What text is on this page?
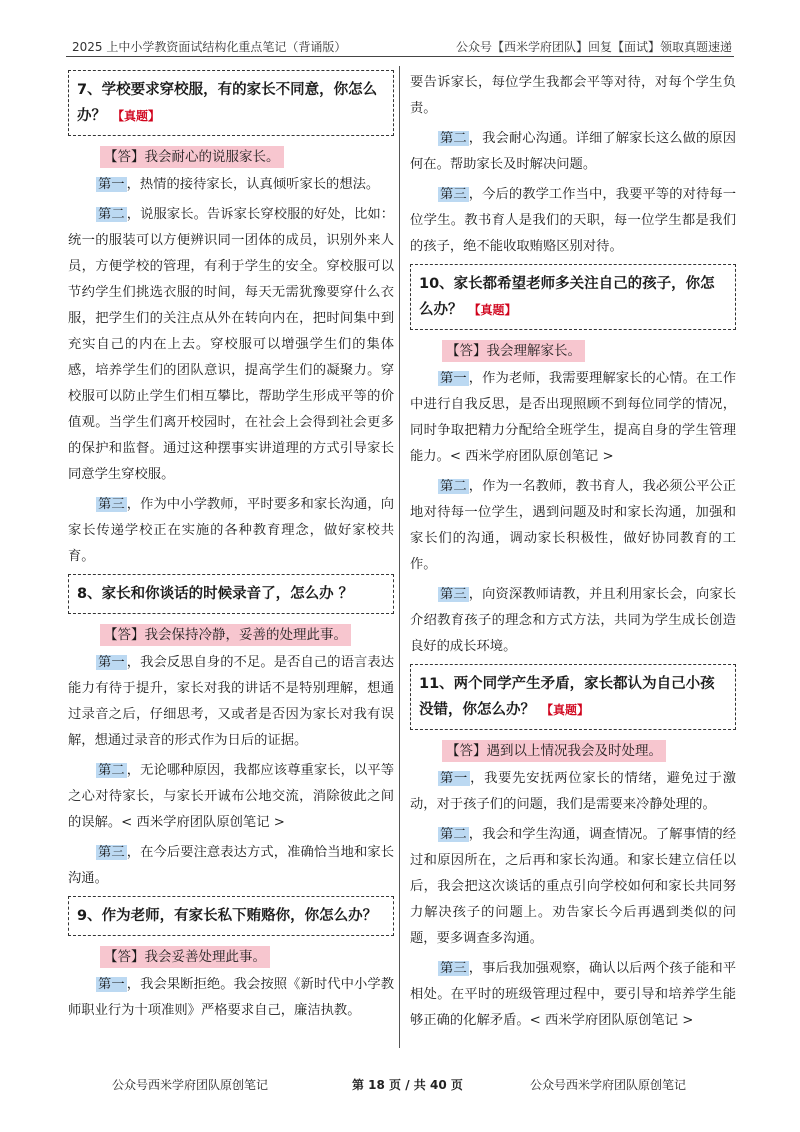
2025 上中小学教资面试结构化重点笔记（背诵版）	公众号【西米学府团队】回复【面试】领取真题速递
7、学校要求穿校服，有的家长不同意，你怎么办？ 【真题】
【答】我会耐心的说服家长。

第一 ，热情的接待家长，认真倾听家长的想法。

第二 ，说服家长。告诉家长穿校服的好处，比如：统一的服装可以方便辨识同一团体的成员，识别外来人员，方便学校的管理，有利于学生的安全。穿校服可以节约学生们挑选衣服的时间，每天无需犹豫要穿什么衣服，把学生们的关注点从外在转向内在，把时间集中到充实自己的内在上去。穿校服可以增强学生们的集体感，培养学生们的团队意识，提高学生们的凝聚力。穿校服可以防止学生们相互攀比，帮助学生形成平等的价值观。当学生们离开校园时，在社会上会得到社会更多的保护和监督。通过这种摆事实讲道理的方式引导家长同意学生穿校服。

第三 ，作为中小学教师，平时要多和家长沟通，向家长传递学校正在实施的各种教育理念，做好家校共育。

8、家长和你谈话的时候录音了，怎么办 ？
【答】我会保持冷静，妥善的处理此事。

第一 ，我会反思自身的不足。是否自己的语言表达能力有待于提升，家长对我的讲话不是特别理解，想通过录音之后，仔细思考，又或者是否因为家长对我有误解，想通过录音的形式作为日后的证据。

第二 ，无论哪种原因，我都应该尊重家长，以平等之心对待家长，与家长开诚布公地交流，消除彼此之间的误解。< 西米学府团队原创笔记 >

第三 ，在今后要注意表达方式，准确恰当地和家长沟通。

9、作为老师，有家长私下贿赂你，你怎么办？
【答】我会妥善处理此事。

第一 ，我会果断拒绝。我会按照《新时代中小学教师职业行为十项准则》严格要求自己，廉洁执教。

要告诉家长，每位学生我都会平等对待，对每个学生负责。

第二 ，我会耐心沟通。详细了解家长这么做的原因何在。帮助家长及时解决问题。

第三 ，今后的教学工作当中，我要平等的对待每一位学生。教书育人是我们的天职，每一位学生都是我们的孩子，绝不能收取贿赂区别对待。

10、家长都希望老师多关注自己的孩子，你怎么办？ 【真题】
【答】我会理解家长。

第一 ，作为老师，我需要理解家长的心情。在工作中进行自我反思，是否出现照顾不到每位同学的情况，同时争取把精力分配给全班学生，提高自身的学生管理能力。< 西米学府团队原创笔记 >

第二 ，作为一名教师，教书育人，我必须公平公正地对待每一位学生，遇到问题及时和家长沟通，加强和家长们的沟通，调动家长积极性，做好协同教育的工作。

第三 ，向资深教师请教，并且利用家长会，向家长介绍教育孩子的理念和方式方法，共同为学生成长创造良好的成长环境。

11、两个同学产生矛盾，家长都认为自己小孩没错，你怎么办？ 【真题】
【答】遇到以上情况我会及时处理。

第一 ，我要先安抚两位家长的情绪，避免过于激动，对于孩子们的问题，我们是需要来冷静处理的。

第二 ，我会和学生沟通，调查情况。了解事情的经过和原因所在，之后再和家长沟通。和家长建立信任以后，我会把这次谈话的重点引向学校如何和家长共同努力解决孩子的问题上。劝告家长今后再遇到类似的问题，要多调查多沟通。

第三 ，事后我加强观察，确认以后两个孩子能和平相处。在平时的班级管理过程中，要引导和培养学生能够正确的化解矛盾。< 西米学府团队原创笔记 >

公众号西米学府团队原创笔记	第 18 页 / 共 40 页	公众号西米学府团队原创笔记
